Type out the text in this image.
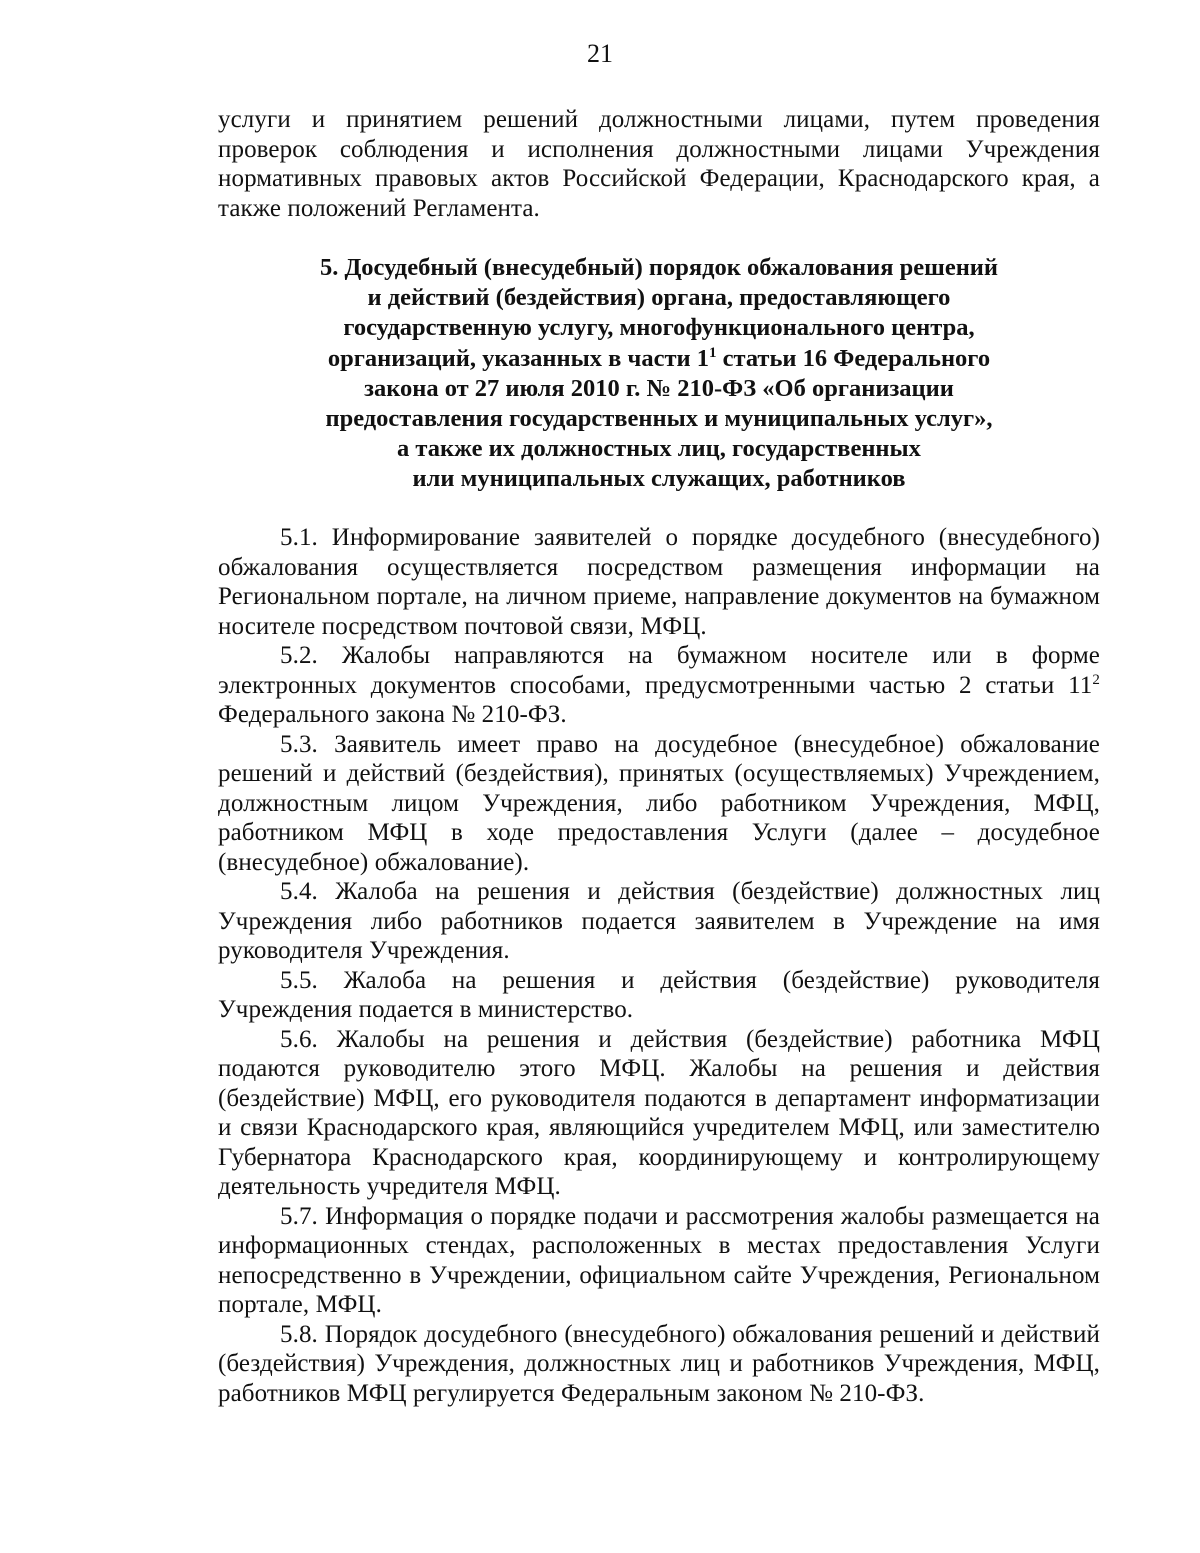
21

услуги и принятием решений должностными лицами, путем проведения проверок соблюдения и исполнения должностными лицами Учреждения нормативных правовых актов Российской Федерации, Краснодарского края, а также положений Регламента.

5. Досудебный (внесудебный) порядок обжалования решений
и действий (бездействия) органа, предоставляющего
государственную услугу, многофункционального центра,
организаций, указанных в части $1^1$ статьи 16 Федерального
закона от 27 июля 2010 г. № 210-ФЗ «Об организации
предоставления государственных и муниципальных услуг»,
а также их должностных лиц, государственных
или муниципальных служащих, работников

5.1. Информирование заявителей о порядке досудебного (внесудебного) обжалования осуществляется посредством размещения информации на Региональном портале, на личном приеме, направление документов на бумажном носителе посредством почтовой связи, МФЦ.

5.2. Жалобы направляются на бумажном носителе или в форме электронных документов способами, предусмотренными частью 2 статьи $11^2$ Федерального закона № 210-ФЗ.

5.3. Заявитель имеет право на досудебное (внесудебное) обжалование решений и действий (бездействия), принятых (осуществляемых) Учреждением, должностным лицом Учреждения, либо работником Учреждения, МФЦ, работником МФЦ в ходе предоставления Услуги (далее – досудебное (внесудебное) обжалование).

5.4. Жалоба на решения и действия (бездействие) должностных лиц Учреждения либо работников подается заявителем в Учреждение на имя руководителя Учреждения.

5.5. Жалоба на решения и действия (бездействие) руководителя Учреждения подается в министерство.

5.6. Жалобы на решения и действия (бездействие) работника МФЦ подаются руководителю этого МФЦ. Жалобы на решения и действия (бездействие) МФЦ, его руководителя подаются в департамент информатизации и связи Краснодарского края, являющийся учредителем МФЦ, или заместителю Губернатора Краснодарского края, координирующему и контролирующему деятельность учредителя МФЦ.

5.7. Информация о порядке подачи и рассмотрения жалобы размещается на информационных стендах, расположенных в местах предоставления Услуги непосредственно в Учреждении, официальном сайте Учреждения, Региональном портале, МФЦ.

5.8. Порядок досудебного (внесудебного) обжалования решений и действий (бездействия) Учреждения, должностных лиц и работников Учреждения, МФЦ, работников МФЦ регулируется Федеральным законом № 210-ФЗ.
